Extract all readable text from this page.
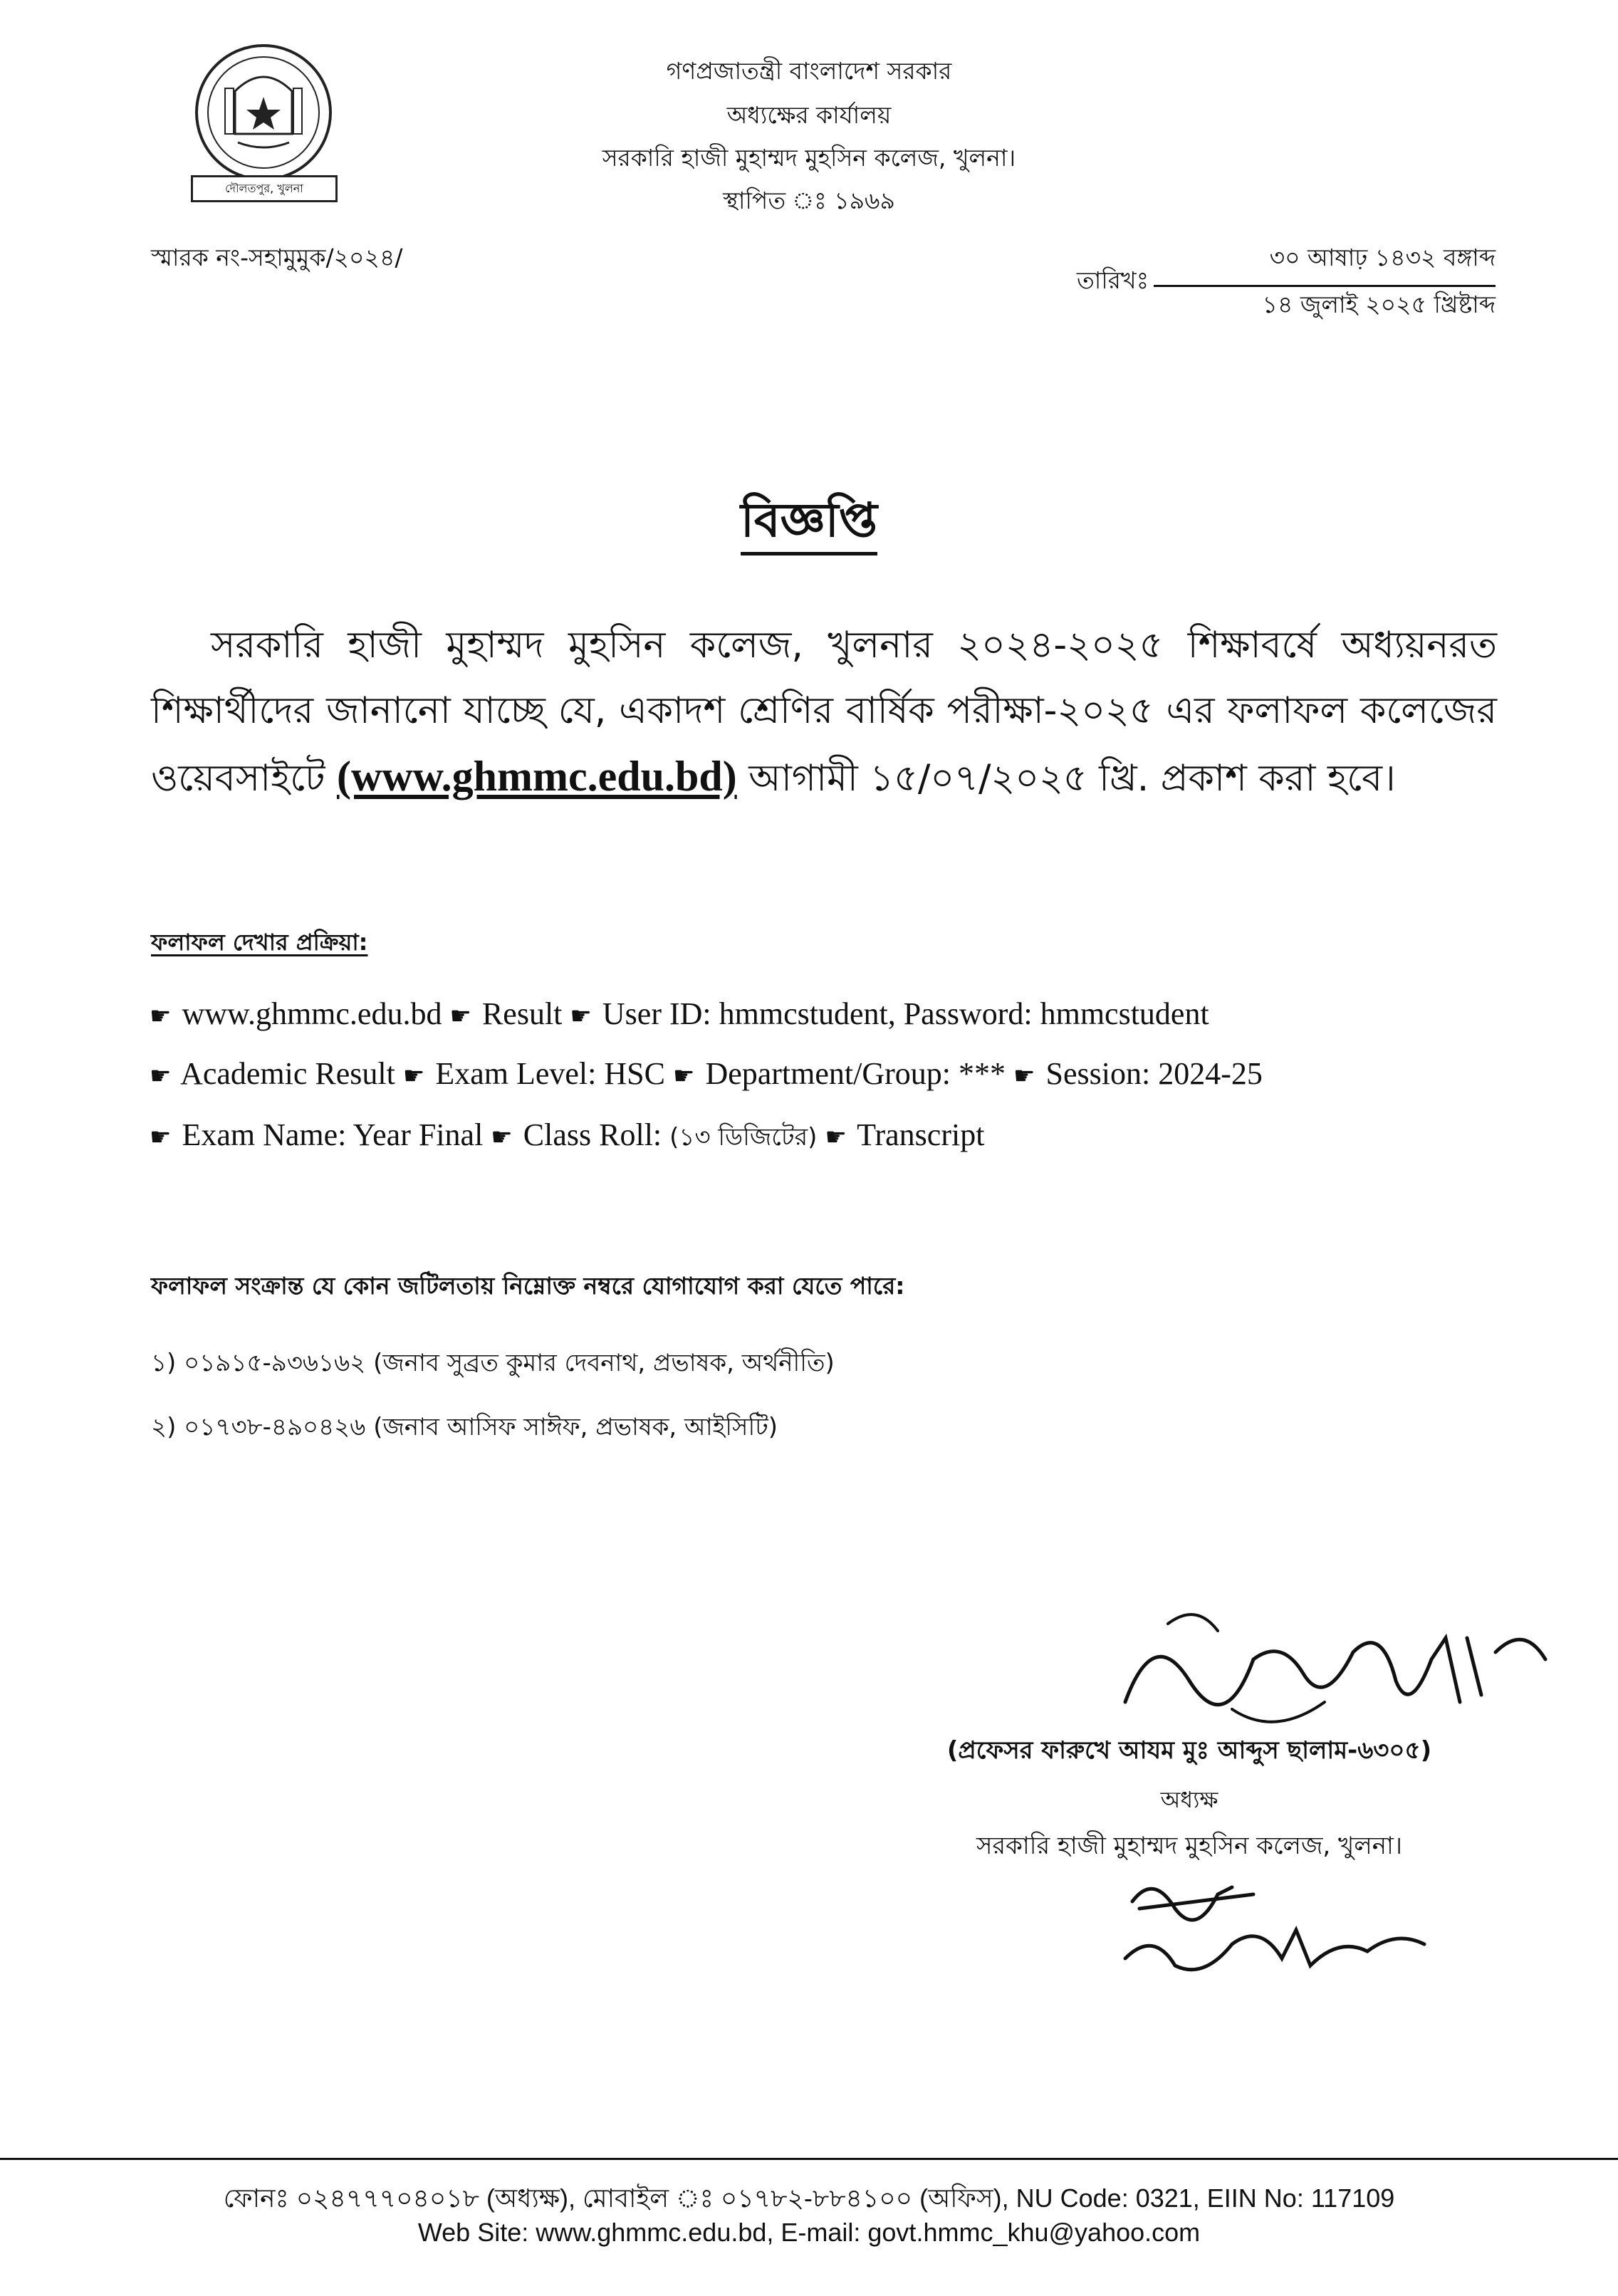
দৌলতপুর, খুলনা
গণপ্রজাতন্ত্রী বাংলাদেশ সরকার
অধ্যক্ষের কার্যালয়
সরকারি হাজী মুহাম্মদ মুহসিন কলেজ, খুলনা।
স্থাপিত ঃ ১৯৬৯
স্মারক নং-সহামুমুক/২০২৪/
তারিখঃ
৩০ আষাঢ় ১৪৩২ বঙ্গাব্দ
১৪ জুলাই ২০২৫ খ্রিষ্টাব্দ
বিজ্ঞপ্তি
সরকারি হাজী মুহাম্মদ মুহসিন কলেজ, খুলনার ২০২৪-২০২৫ শিক্ষাবর্ষে অধ্যয়নরত শিক্ষার্থীদের জানানো যাচ্ছে যে, একাদশ শ্রেণির বার্ষিক পরীক্ষা-২০২৫ এর ফলাফল কলেজের ওয়েবসাইটে (www.ghmmc.edu.bd) আগামী ১৫/০৭/২০২৫ খ্রি. প্রকাশ করা হবে।
ফলাফল দেখার প্রক্রিয়া:
☛ www.ghmmc.edu.bd ☛ Result ☛ User ID: hmmcstudent, Password: hmmcstudent
☛ Academic Result ☛ Exam Level: HSC ☛ Department/Group: *** ☛ Session: 2024-25
☛ Exam Name: Year Final ☛ Class Roll: (১৩ ডিজিটের) ☛ Transcript
ফলাফল সংক্রান্ত যে কোন জটিলতায় নিম্নোক্ত নম্বরে যোগাযোগ করা যেতে পারে:
১) ০১৯১৫-৯৩৬১৬২ (জনাব সুব্রত কুমার দেবনাথ, প্রভাষক, অর্থনীতি)
২) ০১৭৩৮-৪৯০৪২৬ (জনাব আসিফ সাঈফ, প্রভাষক, আইসিটি)
(প্রফেসর ফারুখে আযম মুঃ আব্দুস ছালাম-৬৩০৫)
অধ্যক্ষ
সরকারি হাজী মুহাম্মদ মুহসিন কলেজ, খুলনা।
ফোনঃ ০২৪৭৭৭০৪০১৮ (অধ্যক্ষ), মোবাইল ঃ ০১৭৮২-৮৮৪১০০ (অফিস), NU Code: 0321, EIIN No: 117109
Web Site: www.ghmmc.edu.bd, E-mail: govt.hmmc_khu@yahoo.com
